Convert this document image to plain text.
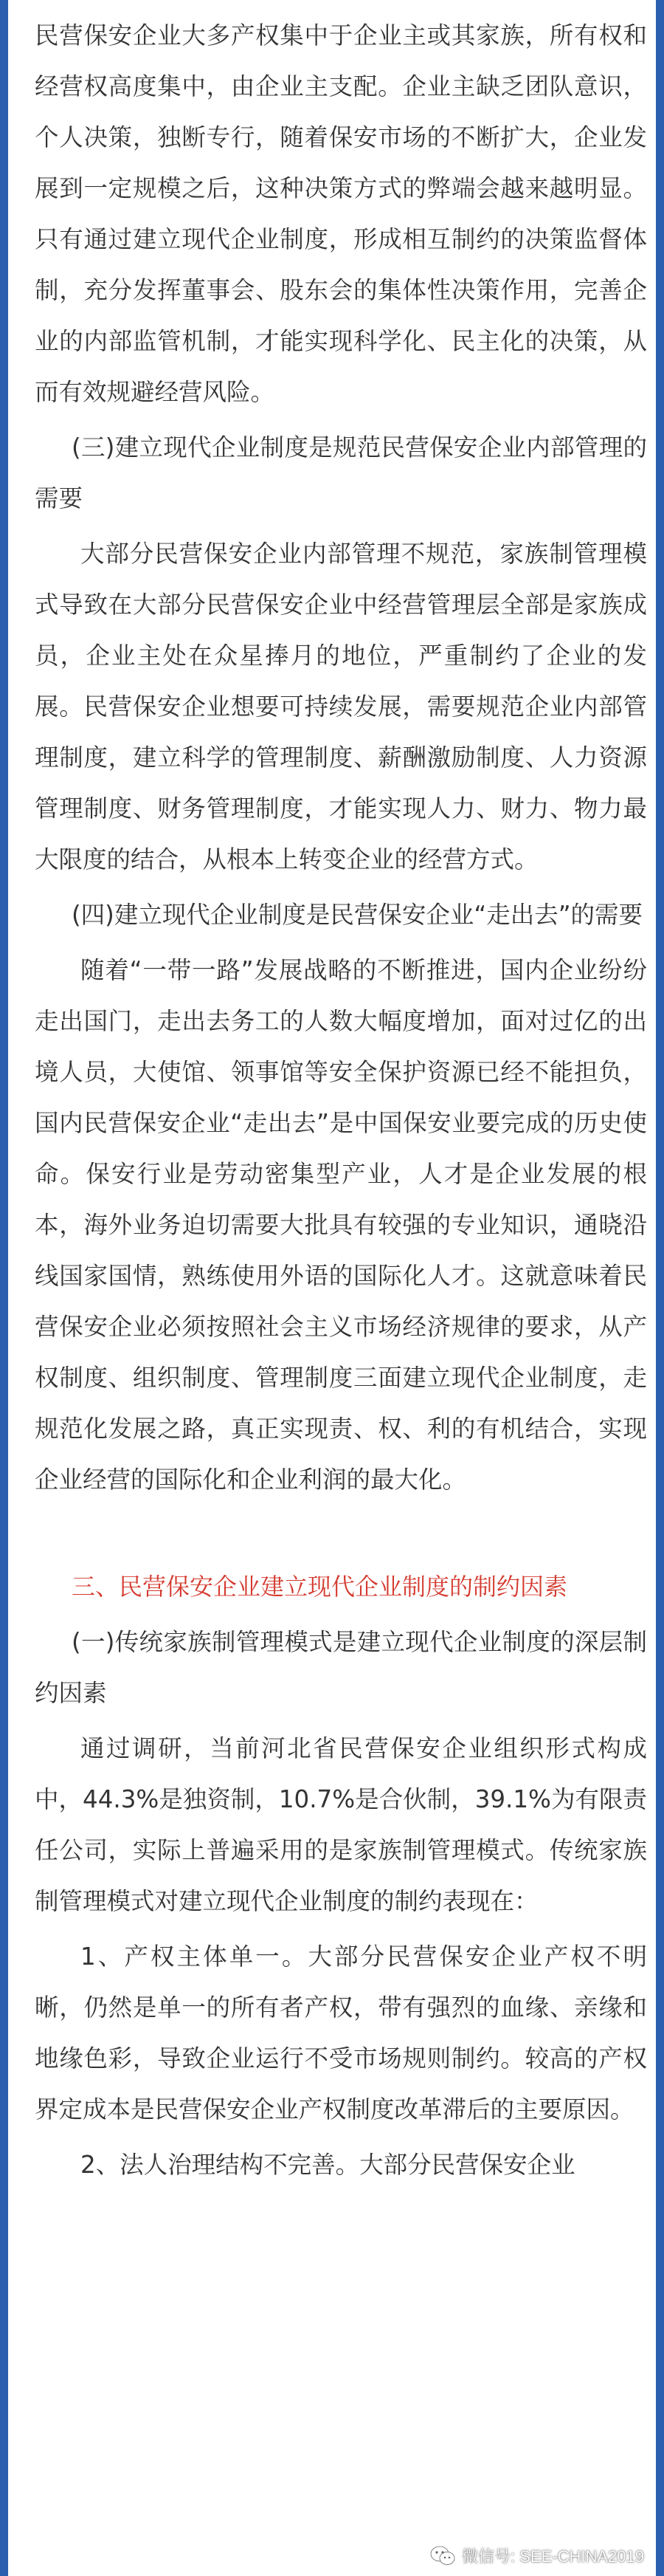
民营保安企业大多产权集中于企业主或其家族，所有权和经营权高度集中，由企业主支配。企业主缺乏团队意识，个人决策，独断专行，随着保安市场的不断扩大，企业发展到一定规模之后，这种决策方式的弊端会越来越明显。只有通过建立现代企业制度，形成相互制约的决策监督体制，充分发挥董事会、股东会的集体性决策作用，完善企业的内部监管机制，才能实现科学化、民主化的决策，从而有效规避经营风险。

(三)建立现代企业制度是规范民营保安企业内部管理的需要

大部分民营保安企业内部管理不规范，家族制管理模式导致在大部分民营保安企业中经营管理层全部是家族成员，企业主处在众星捧月的地位，严重制约了企业的发展。民营保安企业想要可持续发展，需要规范企业内部管理制度，建立科学的管理制度、薪酬激励制度、人力资源管理制度、财务管理制度，才能实现人力、财力、物力最大限度的结合，从根本上转变企业的经营方式。

(四)建立现代企业制度是民营保安企业“走出去”的需要

随着“一带一路”发展战略的不断推进，国内企业纷纷走出国门，走出去务工的人数大幅度增加，面对过亿的出境人员，大使馆、领事馆等安全保护资源已经不能担负，国内民营保安企业“走出去”是中国保安业要完成的历史使命。保安行业是劳动密集型产业，人才是企业发展的根本，海外业务迫切需要大批具有较强的专业知识，通晓沿线国家国情，熟练使用外语的国际化人才。这就意味着民营保安企业必须按照社会主义市场经济规律的要求，从产权制度、组织制度、管理制度三面建立现代企业制度，走规范化发展之路，真正实现责、权、利的有机结合，实现企业经营的国际化和企业利润的最大化。

三、民营保安企业建立现代企业制度的制约因素

(一)传统家族制管理模式是建立现代企业制度的深层制约因素

通过调研，当前河北省民营保安企业组织形式构成中，44.3%是独资制，10.7%是合伙制，39.1%为有限责任公司，实际上普遍采用的是家族制管理模式。传统家族制管理模式对建立现代企业制度的制约表现在：

1、产权主体单一。大部分民营保安企业产权不明晰，仍然是单一的所有者产权，带有强烈的血缘、亲缘和地缘色彩，导致企业运行不受市场规则制约。较高的产权界定成本是民营保安企业产权制度改革滞后的主要原因。

2、法人治理结构不完善。大部分民营保安企业

微信号: SEE-CHINA2019
